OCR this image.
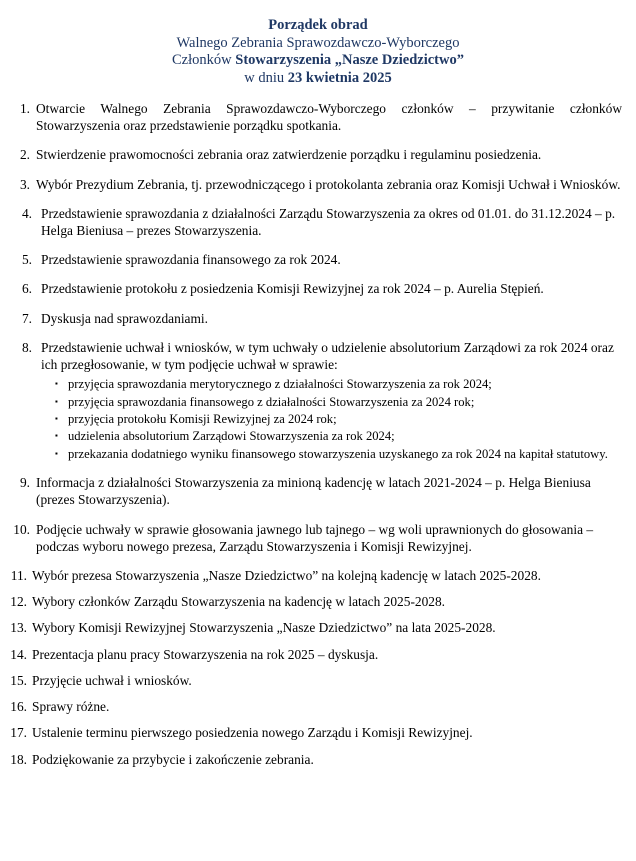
Porządek obrad
Walnego Zebrania Sprawozdawczo-Wyborczego
Członków Stowarzyszenia „Nasze Dziedzictwo”
w dniu 23 kwietnia 2025
1. Otwarcie Walnego Zebrania Sprawozdawczo-Wyborczego członków – przywitanie członków Stowarzyszenia oraz przedstawienie porządku spotkania.
2. Stwierdzenie prawomocności zebrania oraz zatwierdzenie porządku i regulaminu posiedzenia.
3. Wybór Prezydium Zebrania, tj. przewodniczącego i protokolanta zebrania oraz Komisji Uchwał i Wniosków.
4. Przedstawienie sprawozdania z działalności Zarządu Stowarzyszenia za okres od 01.01. do 31.12.2024 – p. Helga Bieniusa – prezes Stowarzyszenia.
5. Przedstawienie sprawozdania finansowego za rok 2024.
6. Przedstawienie protokołu z posiedzenia Komisji Rewizyjnej za rok 2024 – p. Aurelia Stępień.
7. Dyskusja nad sprawozdaniami.
8. Przedstawienie uchwał i wniosków, w tym uchwały o udzielenie absolutorium Zarządowi za rok 2024 oraz ich przegłosowanie, w tym podjęcie uchwał w sprawie:
▪ przyjęcia sprawozdania merytorycznego z działalności Stowarzyszenia za rok 2024;
▪ przyjęcia sprawozdania finansowego z działalności Stowarzyszenia za 2024 rok;
▪ przyjęcia protokołu Komisji Rewizyjnej za 2024 rok;
▪ udzielenia absolutorium Zarządowi Stowarzyszenia za rok 2024;
▪ przekazania dodatniego wyniku finansowego stowarzyszenia uzyskanego za rok 2024 na kapitał statutowy.
9. Informacja z działalności Stowarzyszenia za minioną kadencję w latach 2021-2024 – p. Helga Bieniusa (prezes Stowarzyszenia).
10. Podjęcie uchwały w sprawie głosowania jawnego lub tajnego – wg woli uprawnionych do głosowania – podczas wyboru nowego prezesa, Zarządu Stowarzyszenia i Komisji Rewizyjnej.
11. Wybór prezesa Stowarzyszenia „Nasze Dziedzictwo” na kolejną kadencję w latach 2025-2028.
12. Wybory członków Zarządu Stowarzyszenia na kadencję w latach 2025-2028.
13. Wybory Komisji Rewizyjnej Stowarzyszenia „Nasze Dziedzictwo” na lata 2025-2028.
14. Prezentacja planu pracy Stowarzyszenia na rok 2025 – dyskusja.
15. Przyjęcie uchwał i wniosków.
16. Sprawy różne.
17. Ustalenie terminu pierwszego posiedzenia nowego Zarządu i Komisji Rewizyjnej.
18. Podziękowanie za przybycie i zakończenie zebrania.
